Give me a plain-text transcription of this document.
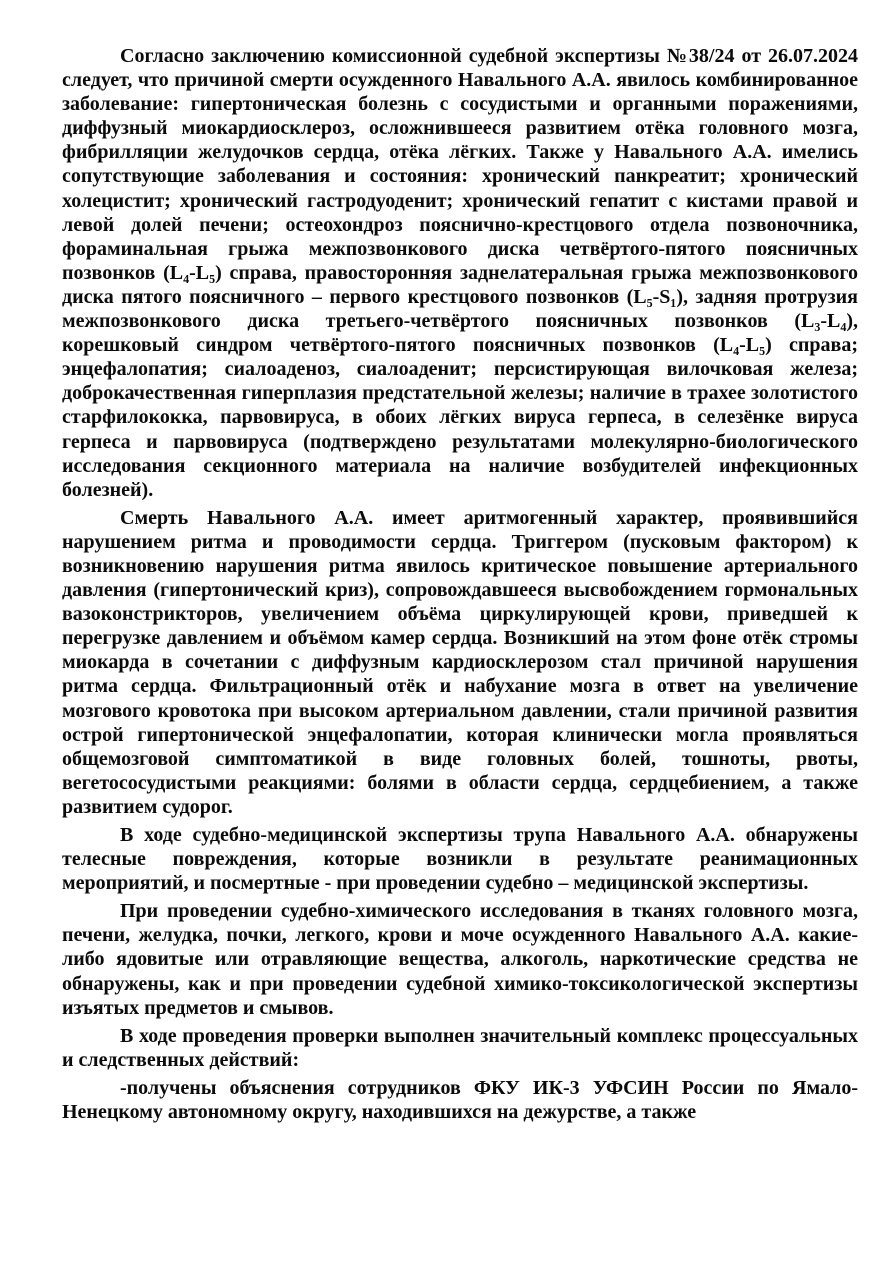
Согласно заключению комиссионной судебной экспертизы №38/24 от 26.07.2024 следует, что причиной смерти осужденного Навального А.А. явилось комбинированное заболевание: гипертоническая болезнь с сосудистыми и органными поражениями, диффузный миокардиосклероз, осложнившееся развитием отёка головного мозга, фибрилляции желудочков сердца, отёка лёгких. Также у Навального А.А. имелись сопутствующие заболевания и состояния: хронический панкреатит; хронический холецистит; хронический гастродуоденит; хронический гепатит с кистами правой и левой долей печени; остеохондроз пояснично-крестцового отдела позвоночника, фораминальная грыжа межпозвонкового диска четвёртого-пятого поясничных позвонков (L₄-L₅) справа, правосторонняя заднелатеральная грыжа межпозвонкового диска пятого поясничного – первого крестцового позвонков (L₅-S₁), задняя протрузия межпозвонкового диска третьего-четвёртого поясничных позвонков (L₃-L₄), корешковый синдром четвёртого-пятого поясничных позвонков (L₄-L₅) справа; энцефалопатия; сиалоаденоз, сиалоаденит; персистирующая вилочковая железа; доброкачественная гиперплазия предстательной железы; наличие в трахее золотистого старфилококка, парвовируса, в обоих лёгких вируса герпеса, в селезёнке вируса герпеса и парвовируса (подтверждено результатами молекулярно-биологического исследования секционного материала на наличие возбудителей инфекционных болезней).

Смерть Навального А.А. имеет аритмогенный характер, проявившийся нарушением ритма и проводимости сердца. Триггером (пусковым фактором) к возникновению нарушения ритма явилось критическое повышение артериального давления (гипертонический криз), сопровождавшееся высвобождением гормональных вазоконстрикторов, увеличением объёма циркулирующей крови, приведшей к перегрузке давлением и объёмом камер сердца. Возникший на этом фоне отёк стромы миокарда в сочетании с диффузным кардиосклерозом стал причиной нарушения ритма сердца. Фильтрационный отёк и набухание мозга в ответ на увеличение мозгового кровотока при высоком артериальном давлении, стали причиной развития острой гипертонической энцефалопатии, которая клинически могла проявляться общемозговой симптоматикой в виде головных болей, тошноты, рвоты, вегетососудистыми реакциями: болями в области сердца, сердцебиением, а также развитием судорог.

В ходе судебно-медицинской экспертизы трупа Навального А.А. обнаружены телесные повреждения, которые возникли в результате реанимационных мероприятий, и посмертные - при проведении судебно – медицинской экспертизы.

При проведении судебно-химического исследования в тканях головного мозга, печени, желудка, почки, легкого, крови и моче осужденного Навального А.А. какие-либо ядовитые или отравляющие вещества, алкоголь, наркотические средства не обнаружены, как и при проведении судебной химико-токсикологической экспертизы изъятых предметов и смывов.

В ходе проведения проверки выполнен значительный комплекс процессуальных и следственных действий:

-получены объяснения сотрудников ФКУ ИК-3 УФСИН России по Ямало-Ненецкому автономному округу, находившихся на дежурстве, а также
